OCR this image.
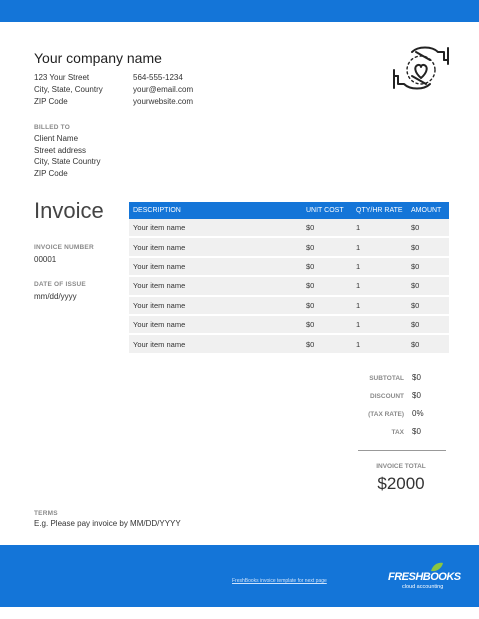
Your company name
123 Your Street
City, State, Country
ZIP Code
564-555-1234
your@email.com
yourwebsite.com
BILLED TO
Client Name
Street address
City, State Country
ZIP Code
Invoice
INVOICE NUMBER
00001
DATE OF ISSUE
mm/dd/yyyy
DESCRIPTION	UNIT COST	QTY/HR RATE	AMOUNT
Your item name	$0	1	$0
Your item name	$0	1	$0
Your item name	$0	1	$0
Your item name	$0	1	$0
Your item name	$0	1	$0
Your item name	$0	1	$0
Your item name	$0	1	$0
SUBTOTAL $0
DISCOUNT $0
(TAX RATE) 0%
TAX $0
INVOICE TOTAL
$2000
TERMS
E.g. Please pay invoice by MM/DD/YYYY
FreshBooks invoice template for next page	FRESHBOOKS
cloud accounting
